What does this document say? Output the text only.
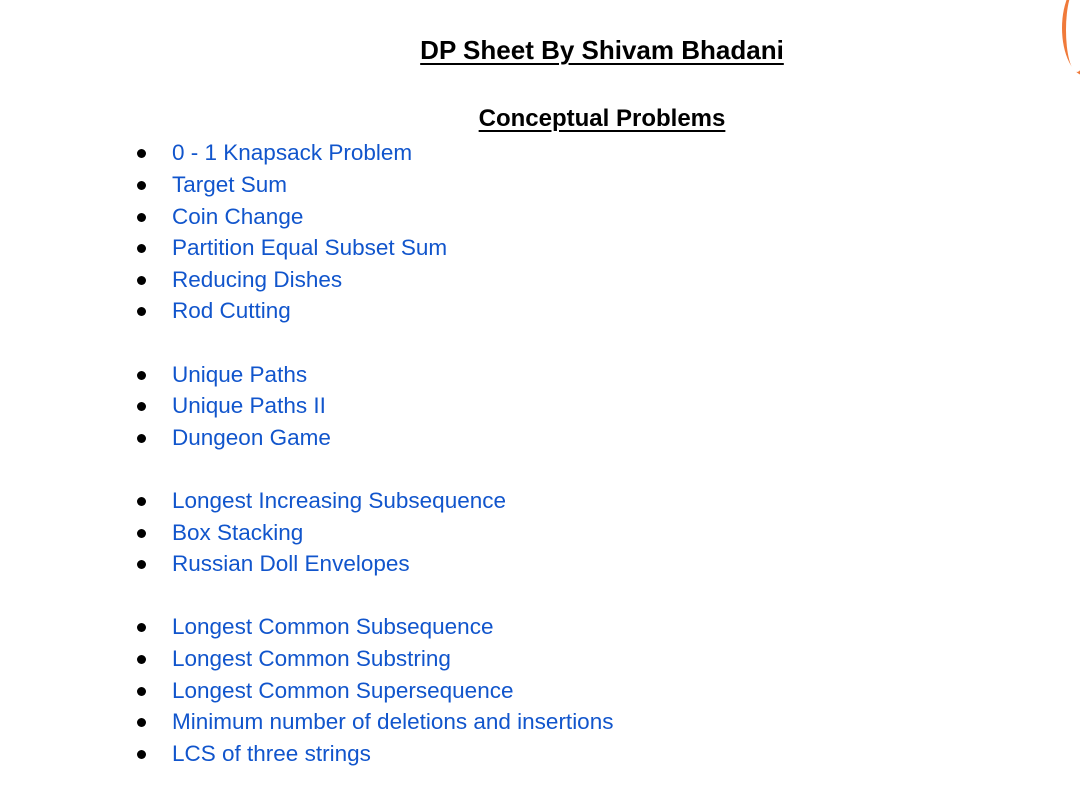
DP Sheet By Shivam Bhadani
Conceptual Problems
0 - 1 Knapsack Problem
Target Sum
Coin Change
Partition Equal Subset Sum
Reducing Dishes
Rod Cutting
Unique Paths
Unique Paths II
Dungeon Game
Longest Increasing Subsequence
Box Stacking
Russian Doll Envelopes
Longest Common Subsequence
Longest Common Substring
Longest Common Supersequence
Minimum number of deletions and insertions
LCS of three strings
